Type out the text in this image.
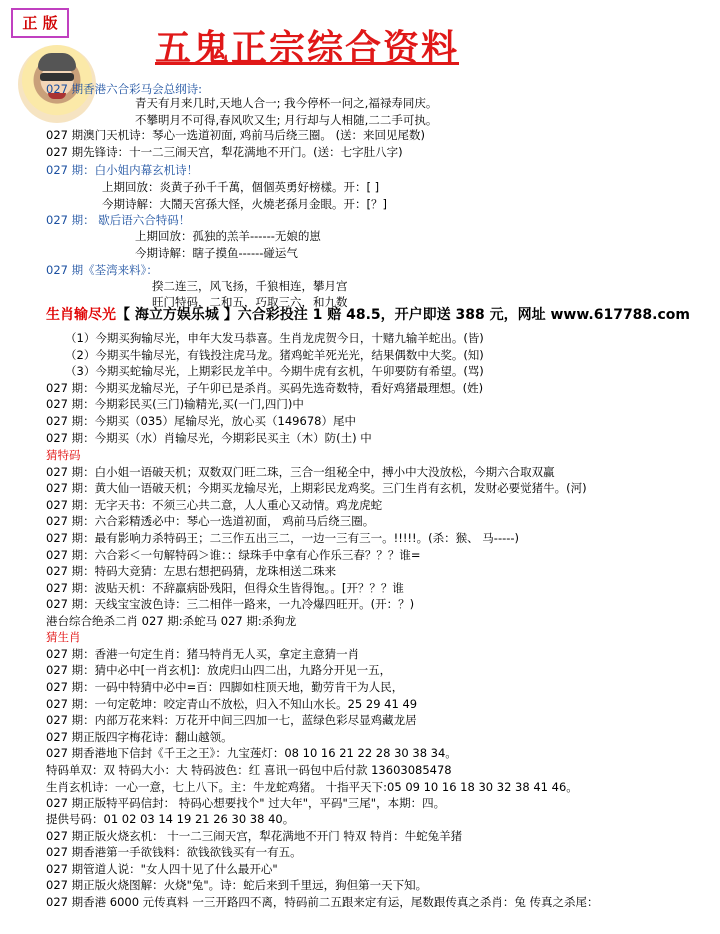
正 版
五鬼正宗综合资料
027 期香港六合彩马会总纲诗:
青天有月来几时,天地人合一; 我今停杯一问之,福禄寿同庆。
不攀明月不可得,春风吹又生; 月行却与人相随,二二手可执。
027 期澳门天机诗：琴心一选道初面, 鸡前马后绕三圈。 (送：来回见尾数)
027 期先锋诗：十一二三闹天宫，犁花满地不开门。(送：七字肚八字)
027 期：白小姐内幕玄机诗！
上期回放：炎黄子孙千千萬，個個英勇好榜樣。开：[ ]
今期诗解：大鬧天宮孫大怪，火燒老孫月金眼。开：[？]
027 期： 歇后语六合特码！
上期回放：孤独的羔羊------无娘的崽
今期诗解：瞎子摸鱼------碰运气
027 期《荃湾来料》：
揆二连三，风飞扬，千狼相连，攀月宫
旺门特码，二和五，巧取三六，和九数
（1）今期买狗输尽光，申年大发马恭喜。生肖龙虎贺今日，十赌九输羊蛇出。(皆)
（2）今期买牛输尽光，有钱投注虎马龙。猪鸡蛇羊死光光，结果偶数中大奖。(知)
（3）今期买蛇输尽光，上期彩民龙羊中。今期牛虎有玄机，午卯要防有希望。(骂)
027 期：今期买龙输尽光，子午卯已是杀肖。买码先选奇数特，看好鸡猪最理想。(姓)
027 期：今期彩民买(三门)输精光,买(一门,四门)中
027 期：今期买（035）尾输尽光，放心买（149678）尾中
027 期：今期买（水）肖输尽光，今期彩民买主（木）防(土) 中
猜特码
027 期：白小姐一语破天机；双数双门旺二珠，三合一组秘全中，搏小中大没放松，今期六合取双赢
027 期：黄大仙一语破天机；今期买龙输尽光，上期彩民龙鸡奖。三门生肖有玄机，发财必要觉猪牛。(河)
027 期：无字天书：不须三心共二意，人人重心又动情。鸡龙虎蛇
027 期：六合彩精透必中：琴心一选道初面， 鸡前马后绕三圈。
027 期：最有影响力杀特码王；二三作五出三二，一边一三有三一。!!!!!。(杀：猴、 马-----)
027 期：六合彩＜一句解特码＞谁：：绿珠手中拿有心作乐三春？？？谁=
027 期：特码大竞猜：左思右想把码猜，龙珠相送二珠来
027 期：波贴天机：不辞羸病卧残阳，但得众生皆得饱。。[开？？？谁
027 期：天线宝宝波色诗：三二相伴一路来，一九冷爆四旺开。(开：？)
港台综合绝杀二肖 027 期:杀蛇马 027 期:杀狗龙
猜生肖
027 期：香港一句定生肖：猪马特肖无人买，拿定主意猜一肖
027 期：猜中必中[一肖玄机]：放虎归山四二出，九路分开见一五，
027 期：一码中特猜中必中=百：四脚如柱顶天地，勤劳肯干为人民，
027 期：一句定乾坤：咬定青山不放松，归入不知山水长。25 29 41 49
027 期：内部万花来料：万花开中间三四加一七，蓝绿色彩尽显鸡藏龙居
027 期正版四字梅花诗：翻山越领。
027 期香港地下信封《千王之王》：九宝莲灯：08 10 16 21 22 28 30 38 34。
特码单双：双 特码大小：大 特码波色：红 喜讯一码包中后付款 13603085478
生肖玄机诗：一心一意，七上八下。主：牛龙蛇鸡猪。 十指平天下:05 09 10 16 18 30 32 38 41 46。
027 期正版特平码信封： 特码心想要找个" 过大年"，平码"三尾"，本期：四。
提供号码：01 02 03 14 19 21 26 30 38 40。
027 期正版火烧玄机： 十一二三闹天宫，犁花满地不开门 特双 特肖：牛蛇兔羊猪
027 期香港第一手欲钱料：欲钱欲钱买有一有五。
027 期管道人说："女人四十见了什么最开心"
027 期正版火烧图解：火烧"兔"。诗：蛇后来到千里远，狗但第一天下知。
027 期香港 6000 元传真料 一三开路四不离，特码前二五跟来定有运，尾数跟传真之杀肖：兔 传真之杀尾：
生肖输尽光【 海立方娱乐城 】六合彩投注 1 赔 48.5，开户即送 388 元，网址 www.617788.com
